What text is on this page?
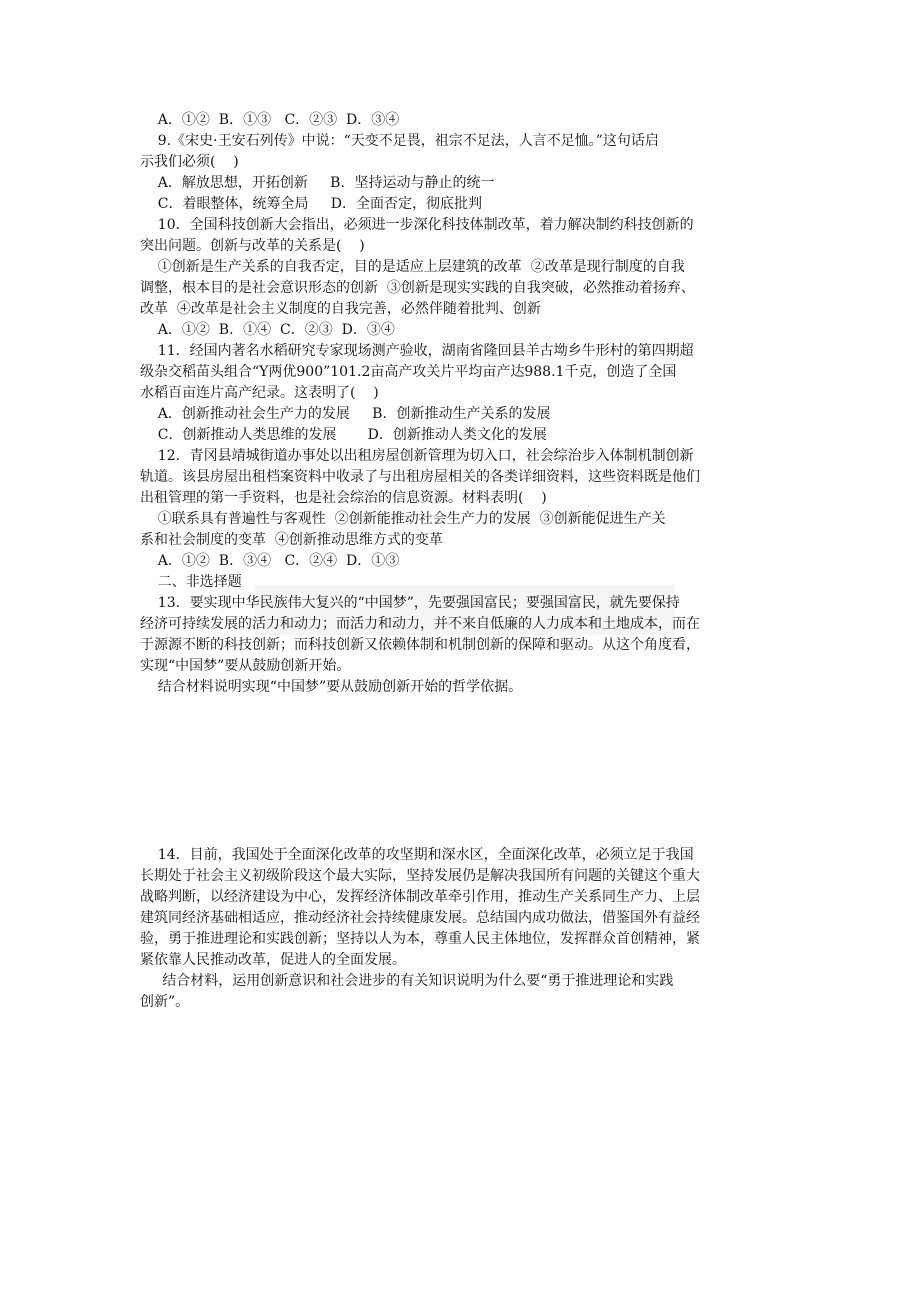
A．①②  B．①③   C．②③  D．③④
9.《宋史·王安石列传》中说：“天变不足畏，祖宗不足法，人言不足恤。”这句话启
示我们必须(    )
A．解放思想，开拓创新     B．坚持运动与静止的统一
C．着眼整体，统筹全局     D．全面否定，彻底批判
10．全国科技创新大会指出，必须进一步深化科技体制改革，着力解决制约科技创新的
突出问题。创新与改革的关系是(    )
①创新是生产关系的自我否定，目的是适应上层建筑的改革  ②改革是现行制度的自我
调整，根本目的是社会意识形态的创新  ③创新是现实实践的自我突破，必然推动着扬弃、
改革  ④改革是社会主义制度的自我完善，必然伴随着批判、创新
A．①②  B．①④  C．②③  D．③④
11．经国内著名水稻研究专家现场测产验收，湖南省隆回县羊古坳乡牛形村的第四期超
级杂交稻苗头组合“Y两优900”101.2亩高产攻关片平均亩产达988.1千克，创造了全国
水稻百亩连片高产纪录。这表明了(    )
A．创新推动社会生产力的发展     B．创新推动生产关系的发展
C．创新推动人类思维的发展       D．创新推动人类文化的发展
12．青冈县靖城街道办事处以出租房屋创新管理为切入口，社会综治步入体制机制创新
轨道。该县房屋出租档案资料中收录了与出租房屋相关的各类详细资料，这些资料既是他们
出租管理的第一手资料，也是社会综治的信息资源。材料表明(    )
①联系具有普遍性与客观性  ②创新能推动社会生产力的发展  ③创新能促进生产关
系和社会制度的变革  ④创新推动思维方式的变革
A．①②  B．③④   C．②④  D．①③
二、非选择题
13．要实现中华民族伟大复兴的“中国梦”，先要强国富民；要强国富民，就先要保持
经济可持续发展的活力和动力；而活力和动力，并不来自低廉的人力成本和土地成本，而在
于源源不断的科技创新；而科技创新又依赖体制和机制创新的保障和驱动。从这个角度看，
实现“中国梦”要从鼓励创新开始。
结合材料说明实现“中国梦”要从鼓励创新开始的哲学依据。
14．目前，我国处于全面深化改革的攻坚期和深水区，全面深化改革，必须立足于我国
长期处于社会主义初级阶段这个最大实际，坚持发展仍是解决我国所有问题的关键这个重大
战略判断，以经济建设为中心，发挥经济体制改革牵引作用，推动生产关系同生产力、上层
建筑同经济基础相适应，推动经济社会持续健康发展。总结国内成功做法，借鉴国外有益经
验，勇于推进理论和实践创新；坚持以人为本，尊重人民主体地位，发挥群众首创精神，紧
紧依靠人民推动改革，促进人的全面发展。
结合材料，运用创新意识和社会进步的有关知识说明为什么要“勇于推进理论和实践
创新”。
